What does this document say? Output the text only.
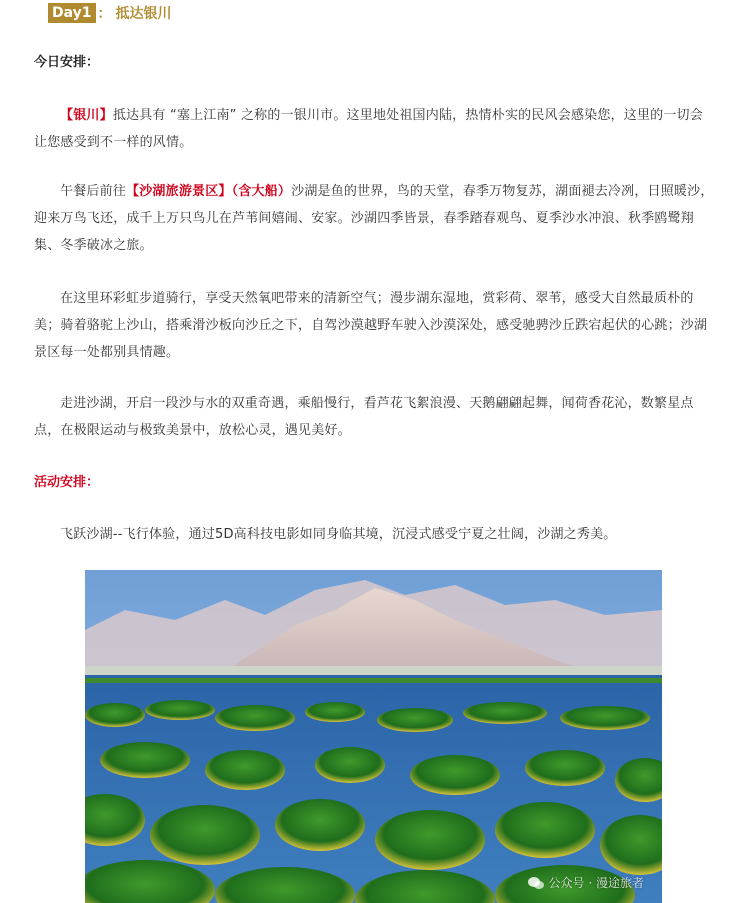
Day1 ： 抵达银川
今日安排：
【银川】抵达具有 “塞上江南” 之称的一银川市。这里地处祖国内陆，热情朴实的民风会感染您，这里的一切会让您感受到不一样的风情。
午餐后前往【沙湖旅游景区】（含大船）沙湖是鱼的世界，鸟的天堂，春季万物复苏，湖面褪去冷冽，日照暖沙，迎来万鸟飞还，成千上万只鸟儿在芦苇间嬉闹、安家。沙湖四季皆景，春季踏春观鸟、夏季沙水冲浪、秋季鸥鹭翔集、冬季破冰之旅。
在这里环彩虹步道骑行，享受天然氧吧带来的清新空气；漫步湖东湿地，赏彩荷、翠苇，感受大自然最质朴的美；骑着骆驼上沙山，搭乘滑沙板向沙丘之下，自驾沙漠越野车驶入沙漠深处，感受驰骋沙丘跌宕起伏的心跳；沙湖景区每一处都别具情趣。
走进沙湖，开启一段沙与水的双重奇遇，乘船慢行，看芦花飞絮浪漫、天鹅翩翩起舞，闻荷香花沁，数繁星点点，在极限运动与极致美景中，放松心灵，遇见美好。
活动安排：
飞跃沙湖--飞行体验，通过5D高科技电影如同身临其境，沉浸式感受宁夏之壮阔，沙湖之秀美。
公众号 · 漫途旅者
